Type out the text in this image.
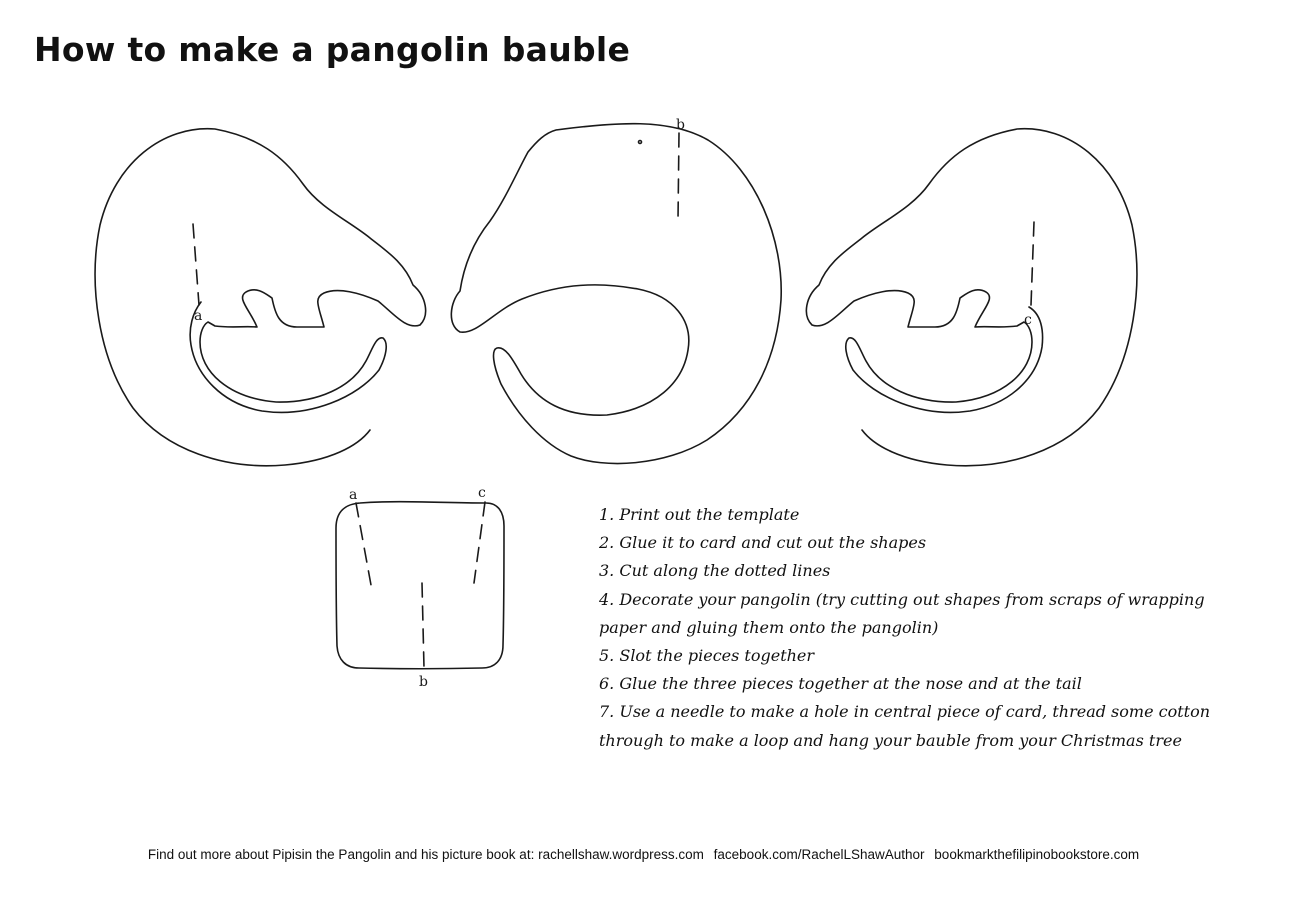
How to make a pangolin bauble
a
b
c
a	c
b
1. Print out the template
2. Glue it to card and cut out the shapes
3. Cut along the dotted lines
4. Decorate your pangolin (try cutting out shapes from scraps of wrapping paper and gluing them onto the pangolin)
5. Slot the pieces together
6. Glue the three pieces together at the nose and at the tail
7. Use a needle to make a hole in central piece of card, thread some cotton through to make a loop and hang your bauble from your Christmas tree
Find out more about Pipisin the Pangolin and his picture book at: rachellshaw.wordpress.com facebook.com/RachelLShawAuthor bookmarkthefilipinobookstore.com
